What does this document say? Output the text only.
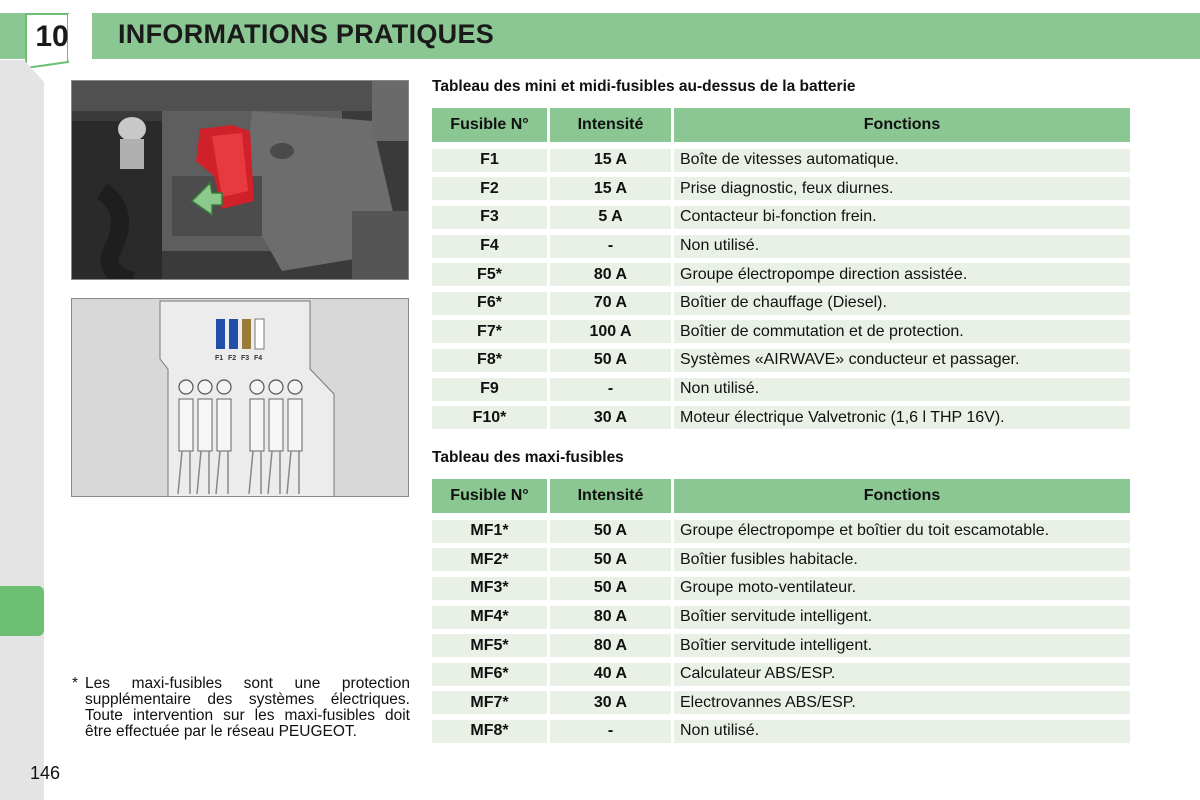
10 INFORMATIONS PRATIQUES
F1 F2 F3 F4
Tableau des mini et midi-fusibles au-dessus de la batterie
Fusible N°	Intensité	Fonctions
F1	15 A	Boîte de vitesses automatique.
F2	15 A	Prise diagnostic, feux diurnes.
F3	5 A	Contacteur bi-fonction frein.
F4	-	Non utilisé.
F5*	80 A	Groupe électropompe direction assistée.
F6*	70 A	Boîtier de chauffage (Diesel).
F7*	100 A	Boîtier de commutation et de protection.
F8*	50 A	Systèmes «AIRWAVE» conducteur et passager.
F9	-	Non utilisé.
F10*	30 A	Moteur électrique Valvetronic (1,6 l THP 16V).
Tableau des maxi-fusibles
Fusible N°	Intensité	Fonctions
MF1*	50 A	Groupe électropompe et boîtier du toit escamotable.
MF2*	50 A	Boîtier fusibles habitacle.
MF3*	50 A	Groupe moto-ventilateur.
MF4*	80 A	Boîtier servitude intelligent.
MF5*	80 A	Boîtier servitude intelligent.
MF6*	40 A	Calculateur ABS/ESP.
MF7*	30 A	Electrovannes ABS/ESP.
MF8*	-	Non utilisé.
* Les maxi-fusibles sont une protection supplémentaire des systèmes électriques. Toute intervention sur les maxi-fusibles doit être effectuée par le réseau PEUGEOT.
146
